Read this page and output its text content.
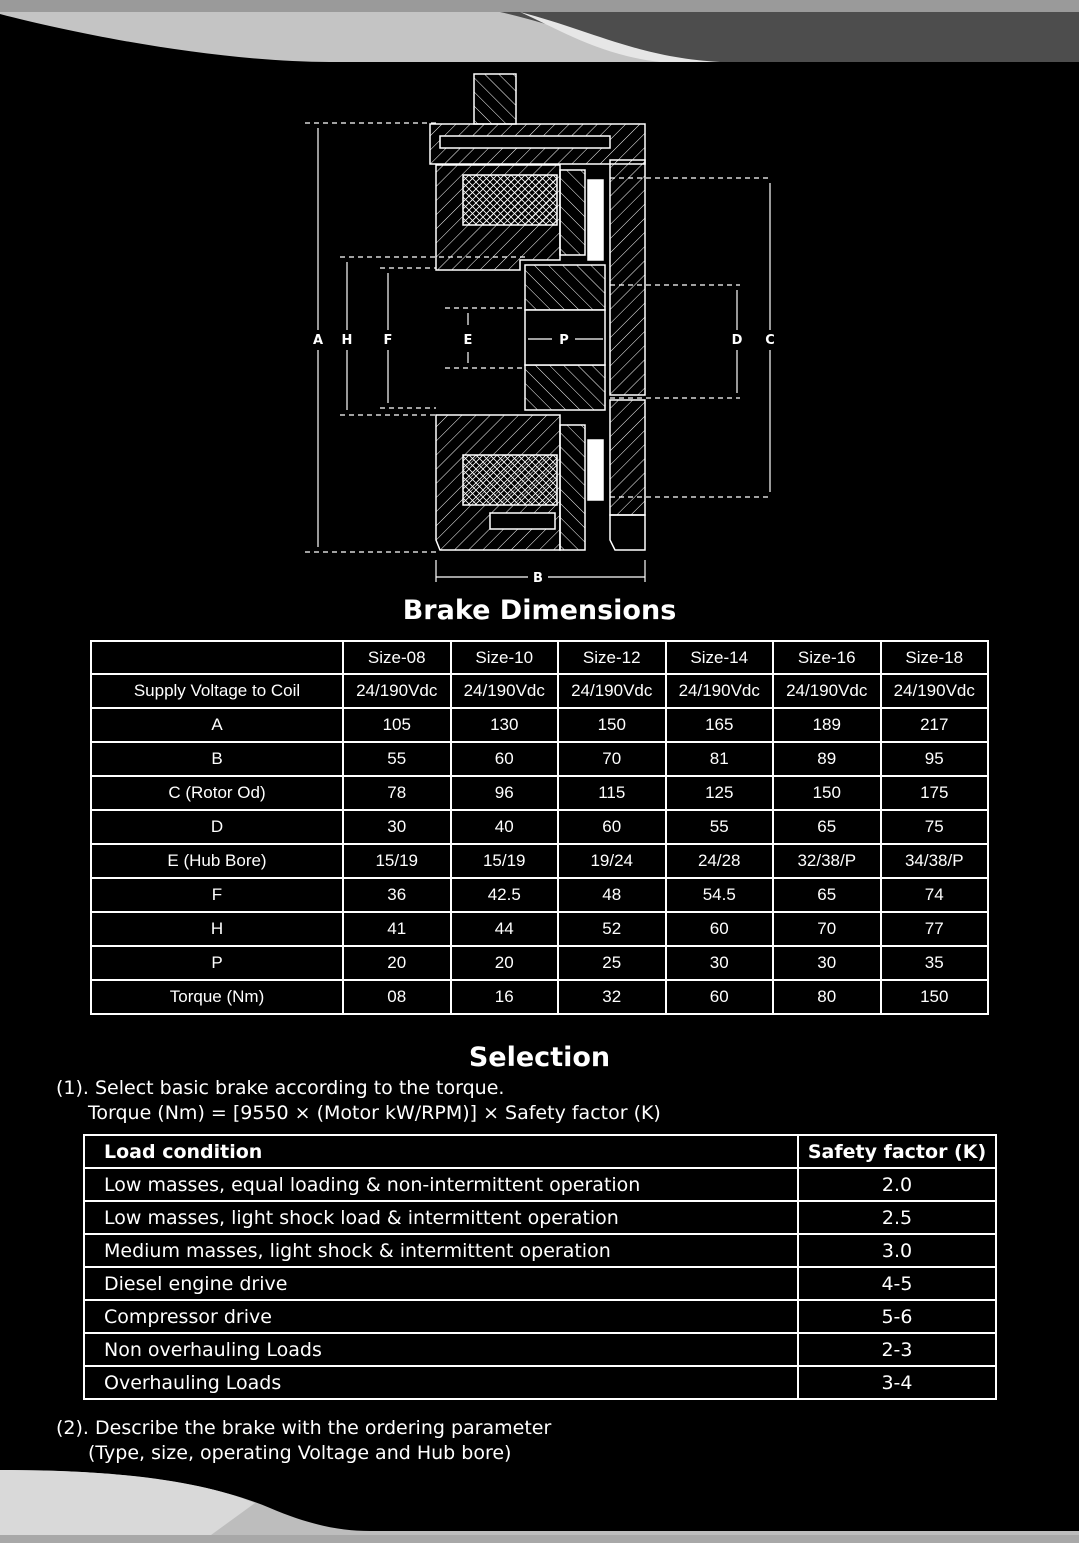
A H F	E	P	D C
B
Brake Dimensions
	Size-08	Size-10	Size-12	Size-14	Size-16	Size-18
Supply Voltage to Coil	24/190Vdc	24/190Vdc	24/190Vdc	24/190Vdc	24/190Vdc	24/190Vdc
A	105	130	150	165	189	217
B	55	60	70	81	89	95
C (Rotor Od)	78	96	115	125	150	175
D	30	40	60	55	65	75
E (Hub Bore)	15/19	15/19	19/24	24/28	32/38/P	34/38/P
F	36	42.5	48	54.5	65	74
H	41	44	52	60	70	77
P	20	20	25	30	30	35
Torque (Nm)	08	16	32	60	80	150
Selection
(1). Select basic brake according to the torque.
Torque (Nm) = [9550 × (Motor kW/RPM)] × Safety factor (K)
Load condition	Safety factor (K)
Low masses, equal loading & non-intermittent operation	2.0
Low masses, light shock load & intermittent operation	2.5
Medium masses, light shock & intermittent operation	3.0
Diesel engine drive	4-5
Compressor drive	5-6
Non overhauling Loads	2-3
Overhauling Loads	3-4
(2). Describe the brake with the ordering parameter
(Type, size, operating Voltage and Hub bore)
